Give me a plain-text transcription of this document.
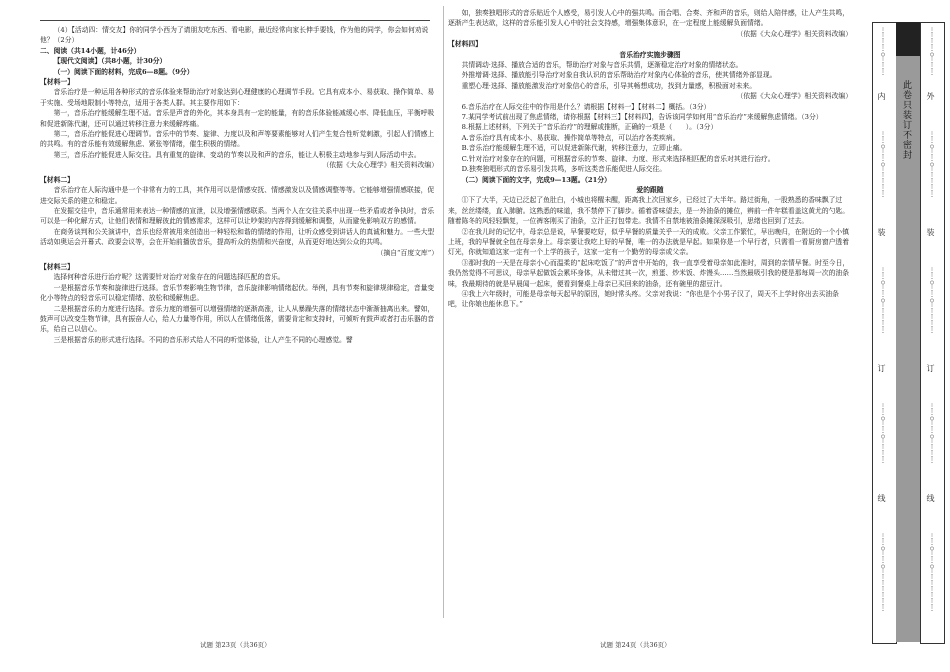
（4）【活动四：情交友】你的同学小西为了请朋友吃东西、看电影，最近经常向家长伸手要钱，作为他的同学，你会如何劝说他？（2分）

二、阅读（共14小题，计46分）

【现代文阅读】（共8小题，计30分）

（一）阅读下面的材料，完成6—8题。（9分）

【材料一】

音乐治疗是一种运用各种形式的音乐体验来帮助治疗对象达到心理健康的心理调节手段。它具有成本小、易获取、操作简单、易于实施、受场地限制小等特点，适用于各类人群。其主要作用如下：

第一，音乐治疗能缓解生理不适。音乐是声音的外化，其本身具有一定的能量，有的音乐体验能减缓心率、降低血压，平衡呼吸和促进新陈代谢，还可以通过转移注意力来缓解疼痛。

第二，音乐治疗能促进心理调节。音乐中的节奏、旋律、力度以及和声等要素能够对人们产生复合性听觉刺激，引起人们情感上的共鸣。有的音乐能有效缓解焦虑、紧张等情绪，催生积极的情绪。

第三，音乐治疗能促进人际交往。具有重复的旋律、变动的节奏以及和声的音乐，能让人积极主动地参与到人际活动中去。

（依据《大众心理学》相关资料改编）

【材料二】

音乐治疗在人际沟通中是一个非常有力的工具，其作用可以是情感安抚、情感激发以及情感调整等等。它能够增强情感联接，促进交际关系的建立和稳定。

在发掘交往中，音乐通常用来表达一种情感的宣泄，以及增强情感联系。当两个人在交往关系中出现一些矛盾或者争执时，音乐可以是一种化解方式，让他们表情和理解彼此的情感需求，这样可以让吵架的内容得到缓解和调整，从而避免影响双方的感情。

在商务谈判和公关演讲中，音乐也经常被用来创造出一种轻松和谐的情绪的作用，让听众感受到讲话人的真诚和魅力。一些大型活动如奥运会开幕式、政要会议等，会在开始前播放音乐，提高听众的热情和兴奋度，从而更好地达到公众的共鸣。

（摘自“百度文库”）

【材料三】

选择何种音乐进行治疗呢？这需要针对治疗对象存在的问题选择匹配的音乐。

一是根据音乐节奏和旋律进行选择。音乐节奏影响生物节律，音乐旋律影响情绪起伏。举例，具有节奏和旋律规律稳定，音量变化小等特点的轻音乐可以稳定情绪、放松和缓解焦虑。

二是根据音乐的力度进行选择。音乐力度的增强可以增强情绪的逐渐高涨，让人从暴躁失落的情绪状态中渐渐抽离出来。譬如，鼓声可以改变生物节律，具有振奋人心，给人力量等作用，所以人在情绪低落，需要肯定和支持时，可倾听有鼓声或者打击乐器的音乐，给自己以信心。

三是根据音乐的形式进行选择。不同的音乐形式给人不同的听觉体验，让人产生不同的心理感觉。譬

试题 第23页（共36页）

如，独奏独唱形式的音乐贴近个人感受，易引发人心中的强共鸣。而合唱、合奏、齐和声的音乐，则给人陪伴感，让人产生共鸣，逐渐产生表达欲，这样的音乐能引发人心中的社会支持感，增强集体意识，在一定程度上能缓解负面情绪。

（依据《大众心理学》相关资料改编）

【材料四】

音乐治疗实施步骤图

共情调动·选择、播放合适的音乐，帮助治疗对象与音乐共情，逐渐稳定治疗对象的情绪状态。

外推增调·选择、播放能引导治疗对象自我认识的音乐帮助治疗对象内心体验的音乐，使其情绪外部显现。

重塑心理·选择、播放能激发治疗对象信心的音乐，引导其畅想成功，找到力量感，积极面对未来。

（依据《大众心理学》相关资料改编）

6.音乐治疗在人际交往中的作用是什么？请根据【材料一】【材料二】概括。（3分）

7.某同学考试前出现了焦虑情绪，请你根据【材料三】【材料四】，告诉该同学如何用“音乐治疗”来缓解焦虑情绪。（3分）

8.根据上述材料，下列关于“音乐治疗”的理解或推断，正确的一项是（　　）。（3分）

A.音乐治疗具有成本小、易获取、操作简单等特点，可以治疗各类疾病。

B.音乐治疗能缓解生理不适，可以促进新陈代谢，转移注意力，立即止痛。

C.针对治疗对象存在的问题，可根据音乐的节奏、旋律、力度、形式来选择相匹配的音乐对其进行治疗。

D.独奏独唱形式的音乐易引发共鸣，多听这类音乐能促进人际交往。

（二）阅读下面的文字，完成9—13题。（21分）

爱的跟随

①下了大半，天边已泛起了鱼肚白，小城也将醒未醒，距离我上次回家乡，已经过了大半年。路过街角，一股熟悉的香味飘了过来，丝丝缕缕，直入肺腑。这熟悉的味道，我不禁停下了脚步。循着香味望去，是一外油条的摊位，辨前一件年糕看盖这黄尤的勺匙。随着陈冬的风轻轻飘复，一位裤客刚买了油条，立汁正打包带走。我情不自禁地被油条摊深深吸引，思绪也回到了过去。

②在我儿时的记忆中，母亲总是说，早餐要吃好，似乎早餐的质量关乎一天的成败。父亲工作繁忙，早出晚归，在附近的一个小镇上班，我的早餐就全包在母亲身上。母亲要让我吃上好的早餐，唯一的办法就是早起。如果你是一个早行者，只需看一看厨房窗户透着灯光，你就知道这家一定有一个上学的孩子，这家一定有一个勤劳的母亲或父亲。

③那时我的一天是在母亲小心而温柔的“起床吃饭了”的声音中开始的，我一直享受着母亲如此准时，周到的亲情早餐。时至今日，我仍然觉得不可思议，母亲早起做饭会累坏身体，从未错过其一次，煎蛋、炒米饭、炸馒头……当然最吸引我的便是那每周一次的油条味，我最期待的就是早晨闻一起床，便看到餐桌上母亲已买回来的油条，还有碗里的甜豆汁。

④我上六年级时，可能是母亲每天起早的原因，她时常头疼。父亲对我说：“你也是个小男子汉了，周天不上学时你出去买油条吧，让你娘也能休息下。”

试题 第24页（共36页）
此卷只装订不密封
内
装
订
线
外
装
订
线
⋮
⋮
⋮
⋮
○
⋮
⋮
⋮
⋮
⋮
○
⋮
⋮
○
⋮
⋮
⋮
⋮
⋮
⋮
⋮
○
⋮
⋮
○
⋮
⋮
⋮
⋮
⋮
⋮
⋮
○
⋮
⋮
○
⋮
⋮
⋮
⋮
⋮
⋮
○
⋮
⋮
○
⋮
⋮
⋮
⋮
⋮
⋮
⋮
⋮
⋮
⋮
⋮
○
⋮
⋮
⋮
⋮
⋮
○
⋮
⋮
○
⋮
⋮
⋮
⋮
⋮
⋮
⋮
○
⋮
⋮
○
⋮
⋮
⋮
⋮
⋮
⋮
⋮
○
⋮
⋮
○
⋮
⋮
⋮
⋮
⋮
⋮
○
⋮
⋮
○
⋮
⋮
⋮
⋮
⋮
⋮
⋮
